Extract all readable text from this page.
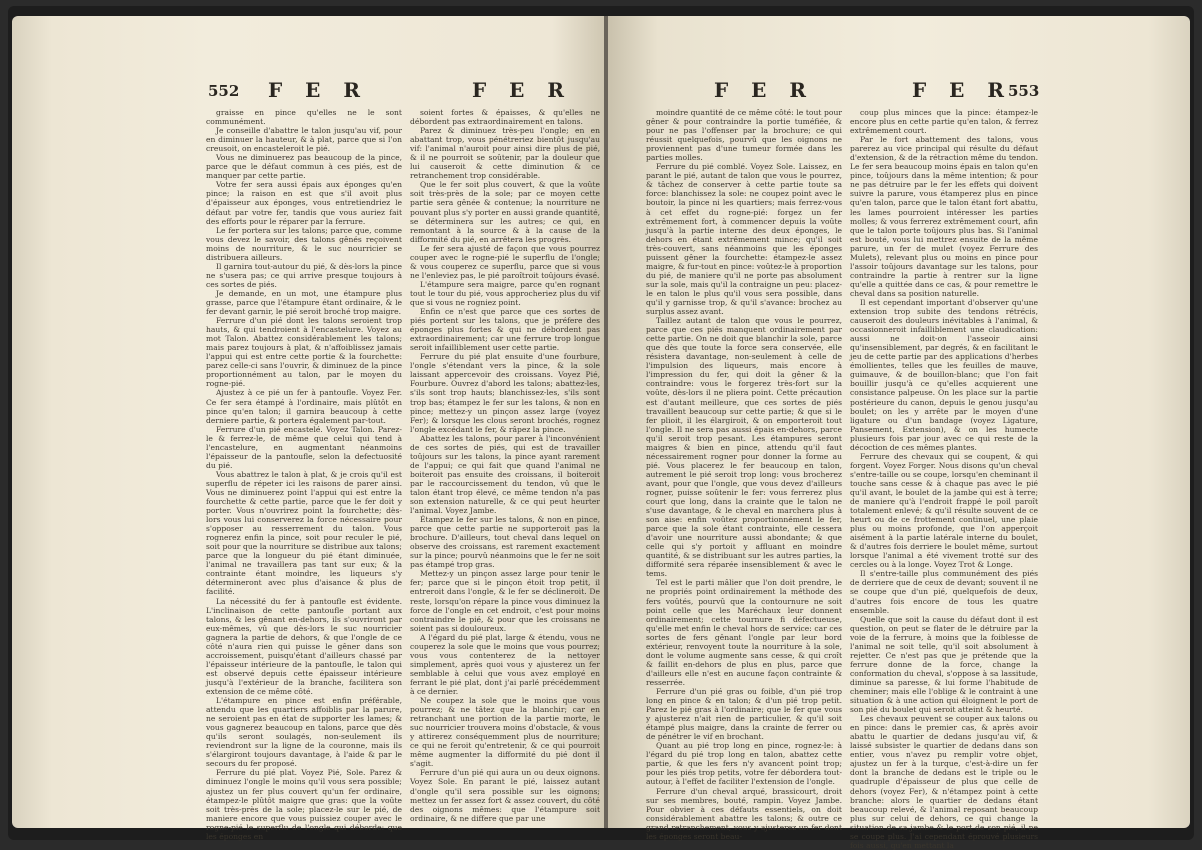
552 F E R	F E R

graisse en pince qu'elles ne le sont communément.

Je conseille d'abattre le talon jusqu'au vif, pour en diminuer la hauteur, & à plat, parce que si l'on creusoit, on encasteleroit le pié.

Vous ne diminuerez pas beaucoup de la pince, parce que le défaut commun à ces piés, est de manquer par cette partie.

Votre fer sera aussi épais aux éponges qu'en pince; la raison en est que s'il avoit plus d'épaisseur aux éponges, vous entretiendriez le défaut par votre fer, tandis que vous auriez fait des efforts pour le réparer par la ferrure.

Le fer portera sur les talons; parce que, comme vous devez le savoir, des talons gênés reçoivent moins de nourriture, & le suc nourricier se distribuera ailleurs.

Il garnira tout-autour du pié, & dès-lors la pince ne s'usera pas; ce qui arrive presque toujours à ces sortes de piés.

Je demande, en un mot, une étampure plus grasse, parce que l'étampure étant ordinaire, & le fer devant garnir, le pié seroit broché trop maigre.

Ferrure d'un pié dont les talons seroient trop hauts, & qui tendroient à l'encastelure. Voyez au mot Talon. Abattez considérablement les talons; mais parez toujours à plat, & n'affoiblissez jamais l'appui qui est entre cette portie & la fourchette: parez celle-ci sans l'ouvrir, & diminuez de la pince proportionnément au talon, par le moyen du rogne-pié.

Ajustez à ce pié un fer à pantoufle. Voyez Fer. Ce fer sera étampé à l'ordinaire, mais plûtôt en pince qu'en talon; il garnira beaucoup à cette derniere partie, & portera également par-tout.

Ferrure d'un pié encastelé. Voyez Talon. Parez-le & ferrez-le, de même que celui qui tend à l'encastelure, en augmentant néanmoins l'épaisseur de la pantoufle, selon la defectuosité du pié.

Vous abattrez le talon à plat, & je crois qu'il est superflu de répeter ici les raisons de parer ainsi. Vous ne diminuerez point l'appui qui est entre la fourchette & cette partie, parce que le fer doit y porter. Vous n'ouvrirez point la fourchette; dès-lors vous lui conserverez la force nécessaire pour s'opposer au resserrement du talon. Vous rognerez enfin la pince, soit pour reculer le pié, soit pour que la nourriture se distribue aux talons; parce que la longueur du pié étant diminuée, l'animal ne travaillera pas tant sur eux; & la contrainte étant moindre, les liqueurs s'y détermineront avec plus d'aisance & plus de facilité.

La nécessité du fer à pantoufle est évidente. L'inclinaison de cette pantoufle portant aux talons, & les gênant en-dehors, ils s'ouvriront par eux-mêmes, vû que dès-lors le suc nourricier gagnera la partie de dehors, & que l'ongle de ce côté n'aura rien qui puisse le gêner dans son accroissement, puisqu'étant d'ailleurs chassé par l'épaisseur intérieure de la pantoufle, le talon qui est observé depuis cette épaisseur intérieure jusqu'à l'extérieur de la branche, facilitera son extension de ce même côté.

L'étampure en pince est enfin préférable, attendu que les quartiers affoiblis par la parure, ne seroient pas en état de supporter les lames; & vous gagnerez beaucoup en talons, parce que dès qu'ils seront soulagés, non-seulement ils reviendront sur la ligne de la couronne, mais ils s'élargiront toujours davantage, à l'aide & par le secours du fer proposé.

Ferrure du pié plat. Voyez Pié, Sole. Parez & diminuez l'ongle le moins qu'il vous sera possible; ajustez un fer plus couvert qu'un fer ordinaire, étampez-le plûtôt maigre que gras: que la voûte soit très-près de la sole; placez-le sur le pié, de maniere encore que vous puissiez couper avec le rogne-pié le superflu de l'ongle qui déborde: que les éponges en

soient fortes & épaisses, & qu'elles ne débordent pas extraordinairement en talons.

Parez & diminuez très-peu l'ongle; en en abattant trop, vous pénétreriez bientôt jusqu'au vif: l'animal n'auroit pour ainsi dire plus de pié, & il ne pourroit se soûtenir, par la douleur que lui causeroit & cette diminution & ce retranchement trop considérable.

Que le fer soit plus couvert, & que la voûte soit très-près de la sole; par ce moyen cette partie sera gênée & contenue; la nourriture ne pouvant plus s'y porter en aussi grande quantité, se déterminera sur les autres; ce qui, en remontant à la source & à la cause de la difformité du pié, en arrêtera les progrès.

Le fer sera ajusté de façon que vous pourrez couper avec le rogne-pié le superflu de l'ongle; & vous couperez ce superflu, parce que si vous ne l'enleviez pas, le pié paroîtroit toûjours évasé.

L'étampure sera maigre, parce qu'en rognant tout le tour du pié, vous approcheriez plus du vif que si vous ne rogniez point.

Enfin ce n'est que parce que ces sortes de piés portent sur les talons, que je préfere des éponges plus fortes & qui ne débordent pas extraordinairement; car une ferrure trop longue seroit infailliblement user cette partie.

Ferrure du pié plat ensuite d'une fourbure, l'ongle s'étendant vers la pince, & la sole laissant appercevoir des croissans. Voyez Pié, Fourbure. Ouvrez d'abord les talons; abattez-les, s'ils sont trop hauts; blanchissez-les, s'ils sont trop bas; étampez le fer sur les talons, & non en pince; mettez-y un pinçon assez large (voyez Fer); & lorsque les clous seront brochés, rognez l'ongle excédant le fer, & râpez la pince.

Abattez les talons, pour parer à l'inconvénient de ces sortes de piés, qui est de travailler toûjours sur les talons, la pince ayant rarement de l'appui; ce qui fait que quand l'animal ne boiteroit pas ensuite des croissans, il boiteroit par le raccourcissement du tendon, vû que le talon étant trop élevé, ce même tendon n'a pas son extension naturelle, & ce qui peut heurter l'animal. Voyez Jambe.

Étampez le fer sur les talons, & non en pince, parce que cette partie ne supporteroit pas la brochure. D'ailleurs, tout cheval dans lequel on observe des croissans, est rarement exactement sur la pince; pourvû néanmoins que le fer ne soit pas étampé trop gras.

Mettez-y un pinçon assez large pour tenir le fer; parce que si le pinçon étoit trop petit, il entreroit dans l'ongle, & le fer se déclineroit. De reste, lorsqu'on répare la pince vous diminuez la force de l'ongle en cet endroit, c'est pour moins contraindre le pié, & pour que les croissans ne soient pas si douloureux.

A l'égard du pié plat, large & étendu, vous ne couperez la sole que le moins que vous pourrez; vous vous contenterez de la nettoyer simplement, après quoi vous y ajusterez un fer semblable à celui que vous avez employé en ferrant le pié plat, dont j'ai parlé précédemment à ce dernier.

Ne coupez la sole que le moins que vous pourrez; & ne tâtez que la blanchir; car en retranchant une portion de la partie morte, le suc nourricier trouvera moins d'obstacle, & vous y attirerez conséquemment plus de nourriture; ce qui ne feroit qu'entretenir, & ce qui pourroit même augmenter la difformité du pié dont il s'agit.

Ferrure d'un pié qui aura un ou deux oignons. Voyez Sole. En parant le pié, laissez autant d'ongle qu'il sera possible sur les oignons; mettez un fer assez fort & assez couvert, du côté des oignons mêmes: que l'étampure soit ordinaire, & ne differe que par une

F E R	F E R
553

moindre quantité de ce même côté: le tout pour gêner & pour contraindre la portie tuméfiée, & pour ne pas l'offenser par la brochure; ce qui réussit quelquefois, pourvû que les oignons ne proviennent pas d'une tumeur formée dans les parties molles.

Ferrure du pié comblé. Voyez Sole. Laissez, en parant le pié, autant de talon que vous le pourrez, & tâchez de conserver à cette partie toute sa force: blanchissez la sole: ne coupez point avec le boutoir, la pince ni les quartiers; mais ferrez-vous à cet effet du rogne-pié: forgez un fer extrêmement fort, à commencer depuis la voûte jusqu'à la partie interne des deux éponges, le dehors en étant extrêmement mince; qu'il soit très-couvert, sans néanmoins que les éponges puissent gêner la fourchette: étampez-le assez maigre, & fur-tout en pince: voûtez-le à proportion du pié, de maniere qu'il ne porte pas absolument sur la sole, mais qu'il la contraigne un peu: placez-le en talon le plus qu'il vous sera possible, dans qu'il y garnisse trop, & qu'il s'avance: brochez au surplus assez avant.

Taillez autant de talon que vous le pourrez, parce que ces piés manquent ordinairement par cette partie. On ne doit que blanchir la sole, parce que dès que toute la force sera conservée, elle résistera davantage, non-seulement à celle de l'impulsion des liqueurs, mais encore à l'impression du fer, qui doit la gêner & la contraindre: vous le forgerez très-fort sur la voûte, dès-lors il ne pliera point. Cette précaution est d'autant meilleure, que ces sortes de piés travaillent beaucoup sur cette partie; & que si le fer plioit, il les élargiroit, & on emporteroit tout l'ongle. Il ne sera pas aussi épais en-dehors, parce qu'il seroit trop pesant. Les étampures seront maigres & bien en pince, attendu qu'il faut nécessairement rogner pour donner la forme au pié. Vous placerez le fer beaucoup en talon, autrement le pié seroit trop long: vous brocherez avant, pour que l'ongle, que vous devez d'ailleurs rogner, puisse soûtenir le fer: vous ferrerez plus court que long, dans la crainte que le talon ne s'use davantage, & le cheval en marchera plus à son aise: enfin voûtez proportionnément le fer, parce que la sole étant contrainte, elle cessera d'avoir une nourriture aussi abondante; & que celle qui s'y portoit y affluant en moindre quantité, & se distribuant sur les autres parties, la difformité sera réparée insensiblement & avec le tems.

Tel est le parti mâlier que l'on doit prendre, le ne propriés point ordinairement la méthode des fers voûtés, pourvû que la contournure ne soit point celle que les Maréchaux leur donnent ordinairement; cette tournure fi défectueuse, qu'elle met enfin le cheval hors de service: car ces sortes de fers gênant l'ongle par leur bord extérieur, renvoyent toute la nourriture à la sole, dont le volume augmente sans cesse, & qui croît & faillit en-dehors de plus en plus, parce que d'ailleurs elle n'est en aucune façon contrainte & resserrée.

Ferrure d'un pié gras ou foible, d'un pié trop long en pince & en talon; & d'un pié trop petit. Parez le pié gras à l'ordinaire; que le fer que vous y ajusterez n'ait rien de particulier, & qu'il soit étampé plus maigre, dans la crainte de ferrer ou de pénétrer le vif en brochant.

Quant au pié trop long en pince, rognez-le: à l'égard du pié trop long en talon, abattez cette partie, & que les fers n'y avancent point trop; pour les piés trop petits, votre fer débordera tout-autour, à l'effet de faciliter l'extension de l'ongle.

Ferrure d'un cheval arqué, brassicourt, droit sur ses membres, bouté, rampin. Voyez Jambe. Pour obvier à ces défauts essentiels, on doit considérablement abattre les talons; & outre ce grand retranchement, vous y ajusterez un fer dont les éponges seront beau-

coup plus minces que la pince: étampez-le encore plus en cette partie qu'en talon, & ferrez extrêmement court.

Par le fort abattement des talons, vous parerez au vice principal qui résulte du défaut d'extension, & de la rétraction même du tendon. Le fer sera beaucoup moins épais en talon qu'en pince, toûjours dans la même intention; & pour ne pas détruire par le fer les effets qui doivent suivre la parure, vous étamperez plus en pince qu'en talon, parce que le talon étant fort abattu, les lames pourroient intéresser les parties molles; & vous ferrerez extrêmement court, afin que le talon porte toûjours plus bas. Si l'animal est bouté, vous lui mettrez ensuite de la même parure, un fer de mulet (voyez Ferrure des Mulets), relevant plus ou moins en pince pour l'assoir toûjours davantage sur les talons, pour contraindre la partie à rentrer sur la ligne qu'elle a quittée dans ce cas, & pour remettre le cheval dans sa position naturelle.

Il est cependant important d'observer qu'une extension trop subite des tendons rétrécis, causeroit des douleurs inévitables à l'animal, & occasionneroit infailliblement une claudication: aussi ne doit-on l'asseoir ainsi qu'insensiblement, par degrés, & en facilitant le jeu de cette partie par des applications d'herbes émollientes, telles que les feuilles de mauve, guimauve, & de bouillon-blanc; que l'on fait bouillir jusqu'à ce qu'elles acquierent une consistance palpeuse. On les place sur la partie postérieure du canon, depuis le genou jusqu'au boulet; on les y arrête par le moyen d'une ligature ou d'un bandage (voyez Ligature, Pansement, Extension), & on les humecte plusieurs fois par jour avec ce qui reste de la décoction de ces mêmes plantes.

Ferrure des chevaux qui se coupent, & qui forgent. Voyez Forger. Nous disons qu'un cheval s'entre-taille ou se coupe, lorsqu'en cheminant il touche sans cesse & à chaque pas avec le pié qu'il avant, le boulet de la jambe qui est à terre; de maniere qu'à l'endroit frappé le poil paroît totalement enlevé; & qu'il résulte souvent de ce heurt ou de ce frottement continuel, une plaie plus ou moins profonde, que l'on apperçoit aisément à la partie latérale interne du boulet, & d'autres fois derriere le boulet même, surtout lorsque l'animal a été vivement trotté sur des cercles ou à la longe. Voyez Trot & Longe.

Il s'entre-taille plus communément des piés de derriere que de ceux de devant; souvent il ne se coupe que d'un pié, quelquefois de deux, d'autres fois encore de tous les quatre ensemble.

Quelle que soit la cause du défaut dont il est question, on peut se flater de le détruire par la voie de la ferrure, à moins que la foiblesse de l'animal ne soit telle, qu'il soit absolument à rejetter. Ce n'est pas que je prétende que la ferrure donne de la force, change la conformation du cheval, s'oppose à sa lassitude, diminue sa paresse, & lui forme l'habitude de cheminer; mais elle l'oblige & le contraint à une situation & à une action qui éloignent le port de son pié du boulet qui seroit atteint & heurté.

Les chevaux peuvent se couper aux talons ou en pince: dans le premier cas, & après avoir abattu le quartier de dedans jusqu'au vif, & laissé subsister le quartier de dedans dans son entier, vous n'avez pu remplir votre objet, ajustez un fer à la turque, c'est-à-dire un fer dont la branche de dedans est le triple ou le quadruple d'épaisseur de plus que celle de dehors (voyez Fer), & n'étampez point à cette branche: alors le quartier de dedans étant beaucoup relevé, & l'animal reposant beaucoup plus sur celui de dehors, ce qui change la situation de sa jambe & le port de son pié, il ne se coupe plus. J'ai cependant éprouvé plusieurs fois aussi, qu'en mettant la
